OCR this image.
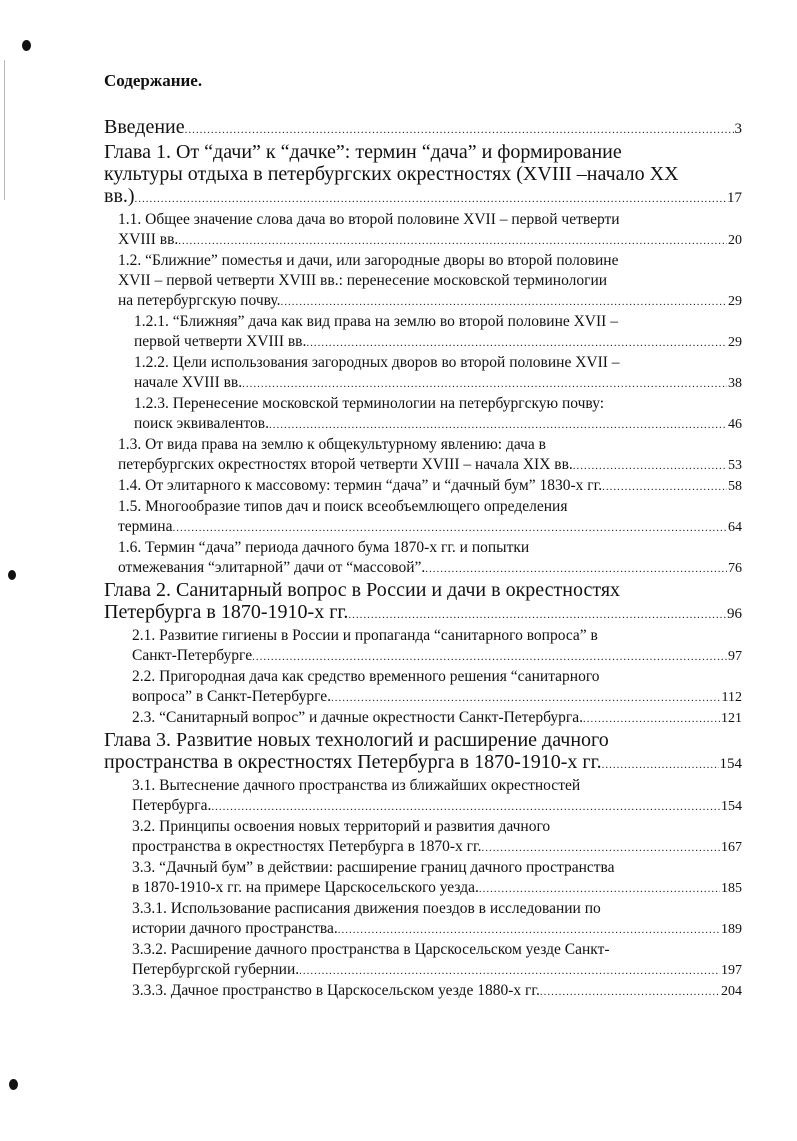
Содержание.
Введение .....	3
Глава 1. От “дачи” к “дачке”: термин “дача” и формирование
культуры отдыха в петербургских окрестностях (XVIII –начало XX
вв.) .....	17
1.1. Общее значение слова дача во второй половине XVII – первой четверти
XVIII вв. .....	20
1.2. “Ближние” поместья и дачи, или загородные дворы во второй половине
XVII – первой четверти XVIII вв.: перенесение московской терминологии
на петербургскую почву. .....	29
1.2.1. “Ближняя” дача как вид права на землю во второй половине XVII –
первой четверти XVIII вв. .....	29
1.2.2. Цели использования загородных дворов во второй половине XVII –
начале XVIII вв. .....	38
1.2.3. Перенесение московской терминологии на петербургскую почву:
поиск эквивалентов. .....	46
1.3. От вида права на землю к общекультурному явлению: дача в
петербургских окрестностях второй четверти XVIII – начала XIX вв. .....	53
1.4. От элитарного к массовому: термин “дача” и “дачный бум” 1830-х гг. .....	58
1.5. Многообразие типов дач и поиск всеобъемлющего определения
термина .....	64
1.6. Термин “дача” периода дачного бума 1870-х гг. и попытки
отмежевания “элитарной” дачи от “массовой”. .....	76
Глава 2. Санитарный вопрос в России и дачи в окрестностях
Петербурга в 1870-1910-х гг. .....	96
2.1. Развитие гигиены в России и пропаганда “санитарного вопроса” в
Санкт-Петербурге .....	97
2.2. Пригородная дача как средство временного решения “санитарного
вопроса” в Санкт-Петербурге. .....	112
2.3. “Санитарный вопрос” и дачные окрестности Санкт-Петербурга. .....	121
Глава 3. Развитие новых технологий и расширение дачного
пространства в окрестностях Петербурга в 1870-1910-х гг. .....	154
3.1. Вытеснение дачного пространства из ближайших окрестностей
Петербурга. .....	154
3.2. Принципы освоения новых территорий и развития дачного
пространства в окрестностях Петербурга в 1870-х гг. .....	167
3.3. “Дачный бум” в действии: расширение границ дачного пространства
в 1870-1910-х гг. на примере Царскосельского уезда. .....	185
3.3.1. Использование расписания движения поездов в исследовании по
истории дачного пространства. .....	189
3.3.2. Расширение дачного пространства в Царскосельском уезде Санкт-
Петербургской губернии. .....	197
3.3.3. Дачное пространство в Царскосельском уезде 1880-х гг. .....	204
